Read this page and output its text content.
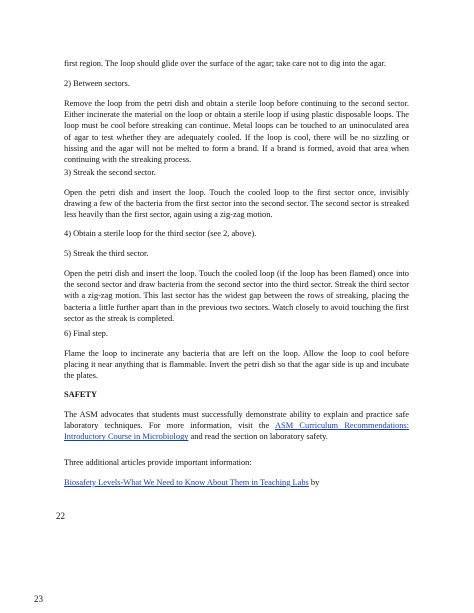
first region. The loop should glide over the surface of the agar; take care not to dig into the agar.

2) Between sectors.

Remove the loop from the petri dish and obtain a sterile loop before continuing to the second sector. Either incinerate the material on the loop or obtain a sterile loop if using plastic disposable loops. The loop must be cool before streaking can continue. Metal loops can be touched to an uninoculated area of agar to test whether they are adequately cooled. If the loop is cool, there will be no sizzling or hissing and the agar will not be melted to form a brand. If a brand is formed, avoid that area when continuing with the streaking process.

3) Streak the second sector.

Open the petri dish and insert the loop. Touch the cooled loop to the first sector once, invisibly drawing a few of the bacteria from the first sector into the second sector. The second sector is streaked less heavily than the first sector, again using a zig-zag motion.

4) Obtain a sterile loop for the third sector (see 2, above).

5) Streak the third sector.

Open the petri dish and insert the loop. Touch the cooled loop (if the loop has been flamed) once into the second sector and draw bacteria from the second sector into the third sector. Streak the third sector with a zig-zag motion. This last sector has the widest gap between the rows of streaking, placing the bacteria a little further apart than in the previous two sectors. Watch closely to avoid touching the first sector as the streak is completed.

6) Final step.

Flame the loop to incinerate any bacteria that are left on the loop. Allow the loop to cool before placing it near anything that is flammable. Invert the petri dish so that the agar side is up and incubate the plates.

SAFETY

The ASM advocates that students must successfully demonstrate ability to explain and practice safe laboratory techniques. For more information, visit the ASM Curriculum Recommendations: Introductory Course in Microbiology and read the section on laboratory safety.

Three additional articles provide important information:

Biosafety Levels-What We Need to Know About Them in Teaching Labs by

22
23
